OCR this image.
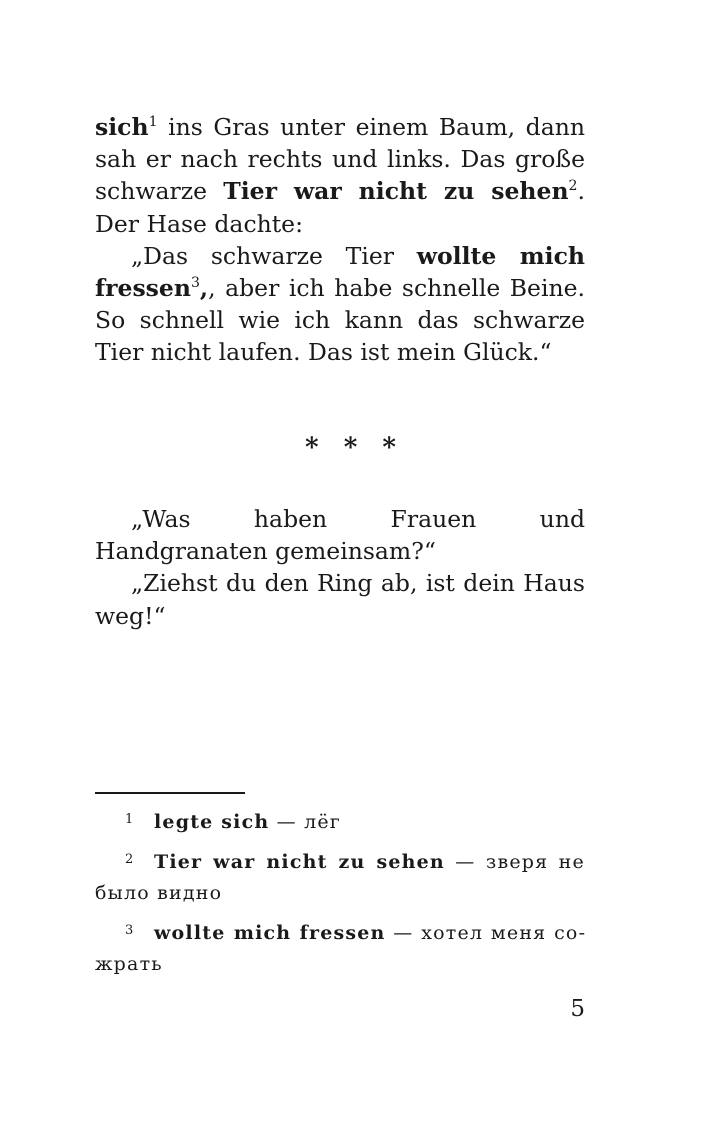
sich$^1$ ins Gras unter einem Baum, dann sah er nach rechts und links. Das große schwarze Tier war nicht zu sehen$^2$. Der Hase dachte:

„Das schwarze Tier wollte mich fressen$^3$,, aber ich habe schnelle Beine. So schnell wie ich kann das schwarze Tier nicht laufen. Das ist mein Glück.“

* * *

„Was haben Frauen und Handgranaten gemeinsam?“

„Ziehst du den Ring ab, ist dein Haus weg!“

1 legte sich — лёг

2 Tier war nicht zu sehen — зверя не было видно

3 wollte mich fressen — хотел меня сожрать

5
